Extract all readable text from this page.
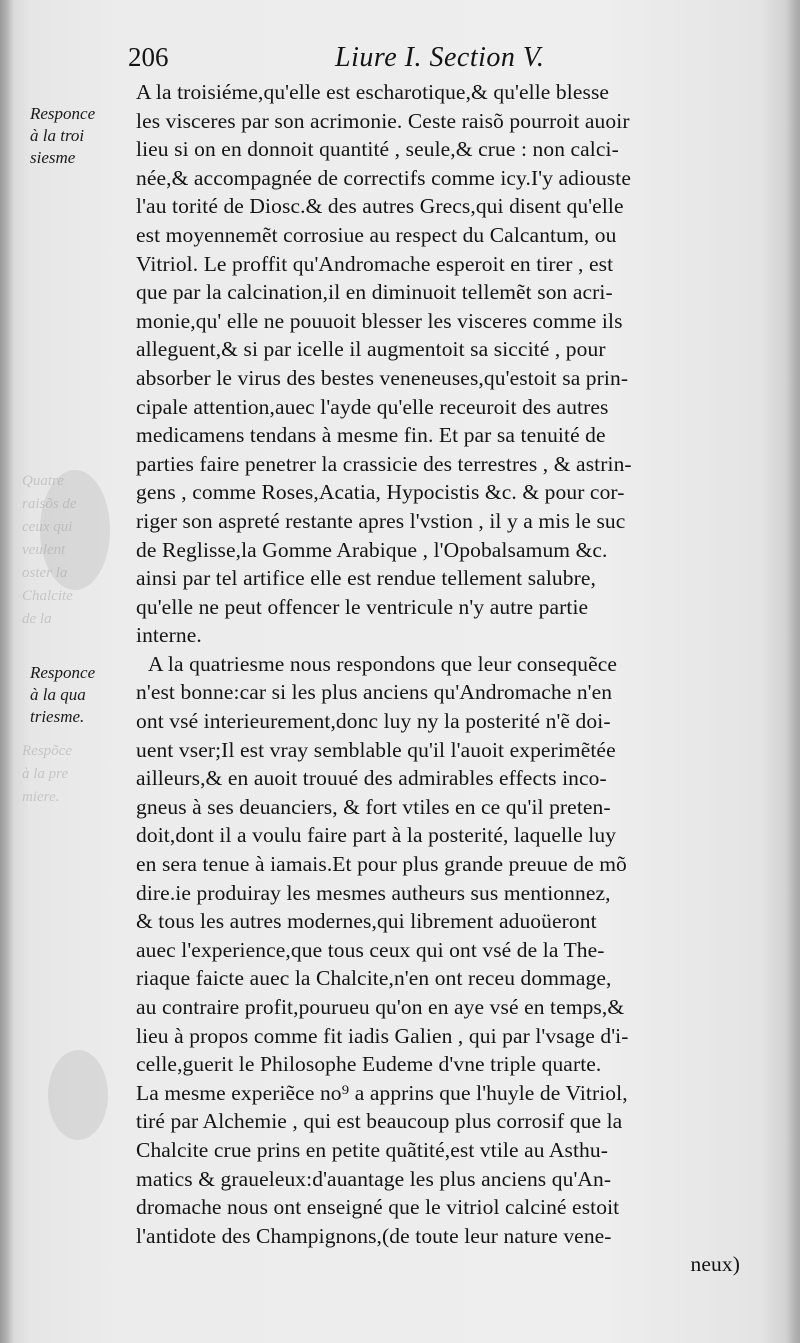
Quatre
raisõs de
ceux qui
veulent
oster la
Chalcite
de la
Respõce
à la pre
miere.
206	Liure I. Section V.
Responce
à la troi
siesme
Responce
à la qua
triesme.
A la troisiéme,qu'elle est escharotique,& qu'elle blesse
les visceres par son acrimonie. Ceste raisõ pourroit auoir
lieu si on en donnoit quantité , seule,& crue : non calci-
née,& accompagnée de correctifs comme icy.I'y adiouste
l'au torité de Diosc.& des autres Grecs,qui disent qu'elle
est moyennemẽt corrosiue au respect du Calcantum, ou
Vitriol. Le proffit qu'Andromache esperoit en tirer , est
que par la calcination,il en diminuoit tellemẽt son acri-
monie,qu' elle ne pouuoit blesser les visceres comme ils
alleguent,& si par icelle il augmentoit sa siccité , pour
absorber le virus des bestes veneneuses,qu'estoit sa prin-
cipale attention,auec l'ayde qu'elle receuroit des autres
medicamens tendans à mesme fin. Et par sa tenuité de
parties faire penetrer la crassicie des terrestres , & astrin-
gens , comme Roses,Acatia, Hypocistis &c. & pour cor-
riger son aspreté restante apres l'vstion , il y a mis le suc
de Reglisse,la Gomme Arabique , l'Opobalsamum &c.
ainsi par tel artifice elle est rendue tellement salubre,
qu'elle ne peut offencer le ventricule n'y autre partie
interne.
A la quatriesme nous respondons que leur consequẽce
n'est bonne:car si les plus anciens qu'Andromache n'en
ont vsé interieurement,donc luy ny la posterité n'ẽ doi-
uent vser;Il est vray semblable qu'il l'auoit experimẽtée
ailleurs,& en auoit trouué des admirables effects inco-
gneus à ses deuanciers, & fort vtiles en ce qu'il preten-
doit,dont il a voulu faire part à la posterité, laquelle luy
en sera tenue à iamais.Et pour plus grande preuue de mõ
dire.ie produiray les mesmes autheurs sus mentionnez,
& tous les autres modernes,qui librement aduoüeront
auec l'experience,que tous ceux qui ont vsé de la The-
riaque faicte auec la Chalcite,n'en ont receu dommage,
au contraire profit,pourueu qu'on en aye vsé en temps,&
lieu à propos comme fit iadis Galien , qui par l'vsage d'i-
celle,guerit le Philosophe Eudeme d'vne triple quarte.
La mesme experiẽce no⁹ a apprins que l'huyle de Vitriol,
tiré par Alchemie , qui est beaucoup plus corrosif que la
Chalcite crue prins en petite quãtité,est vtile au Asthu-
matics & graueleux:d'auantage les plus anciens qu'An-
dromache nous ont enseigné que le vitriol calciné estoit
l'antidote des Champignons,(de toute leur nature vene-
neux)
